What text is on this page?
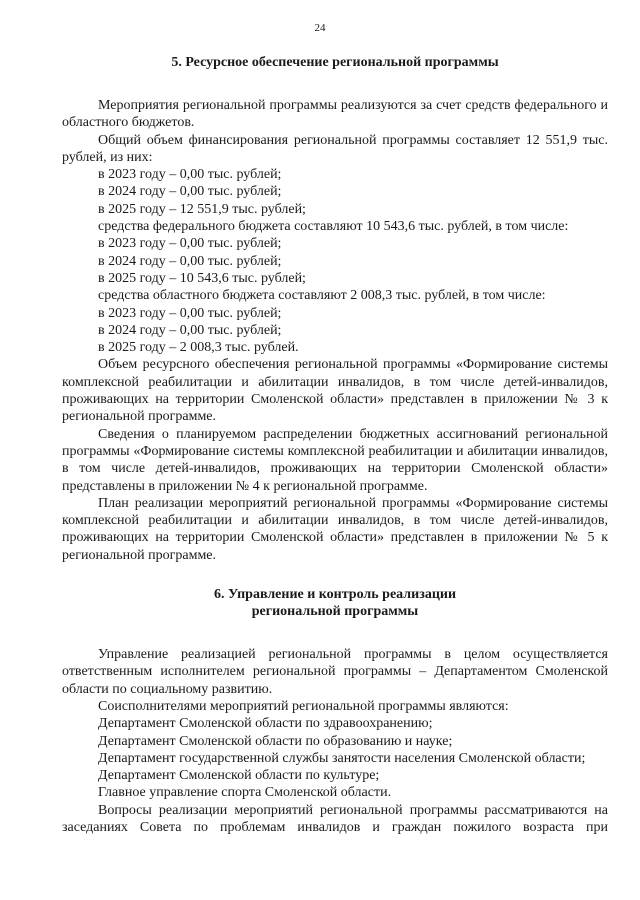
24
5. Ресурсное обеспечение региональной программы

Мероприятия региональной программы реализуются за счет средств федерального и областного бюджетов.

Общий объем финансирования региональной программы составляет 12 551,9 тыс. рублей, из них:

в 2023 году – 0,00 тыс. рублей;

в 2024 году – 0,00 тыс. рублей;

в 2025 году – 12 551,9 тыс. рублей;

средства федерального бюджета составляют 10 543,6 тыс. рублей, в том числе:

в 2023 году – 0,00 тыс. рублей;

в 2024 году – 0,00 тыс. рублей;

в 2025 году – 10 543,6 тыс. рублей;

средства областного бюджета составляют 2 008,3 тыс. рублей, в том числе:

в 2023 году – 0,00 тыс. рублей;

в 2024 году – 0,00 тыс. рублей;

в 2025 году – 2 008,3 тыс. рублей.

Объем ресурсного обеспечения региональной программы «Формирование системы комплексной реабилитации и абилитации инвалидов, в том числе детей-инвалидов, проживающих на территории Смоленской области» представлен в приложении № 3 к региональной программе.

Сведения о планируемом распределении бюджетных ассигнований региональной программы «Формирование системы комплексной реабилитации и абилитации инвалидов, в том числе детей-инвалидов, проживающих на территории Смоленской области» представлены в приложении № 4 к региональной программе.

План реализации мероприятий региональной программы «Формирование системы комплексной реабилитации и абилитации инвалидов, в том числе детей-инвалидов, проживающих на территории Смоленской области» представлен в приложении № 5 к региональной программе.

6. Управление и контроль реализации
региональной программы

Управление реализацией региональной программы в целом осуществляется ответственным исполнителем региональной программы – Департаментом Смоленской области по социальному развитию.

Соисполнителями мероприятий региональной программы являются:

Департамент Смоленской области по здравоохранению;

Департамент Смоленской области по образованию и науке;

Департамент государственной службы занятости населения Смоленской области;

Департамент Смоленской области по культуре;

Главное управление спорта Смоленской области.

Вопросы реализации мероприятий региональной программы рассматриваются на заседаниях Совета по проблемам инвалидов и граждан пожилого возраста при
